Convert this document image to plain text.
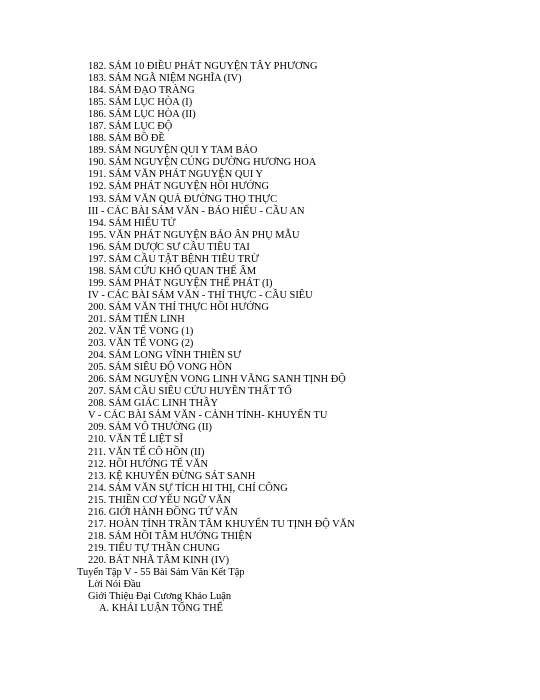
182. SÁM 10 ĐIỀU PHÁT NGUYỆN TÂY PHƯƠNG
183. SÁM NGÃ NIỆM NGHĨA (IV)
184. SÁM ĐẠO TRÀNG
185. SÁM LỤC HÒA (I)
186. SÁM LỤC HÒA (II)
187. SÁM LỤC ĐỘ
188. SÁM BỒ ĐỀ
189. SÁM NGUYỆN QUI Y TAM BẢO
190. SÁM NGUYỆN CÚNG DƯỜNG HƯƠNG HOA
191. SÁM VĂN PHÁT NGUYỆN QUI Y
192. SÁM PHÁT NGUYỆN HỒI HƯỚNG
193. SÁM VĂN QUẢ ĐƯỜNG THỌ THỰC
III - CÁC BÀI SÁM VĂN - BÁO HIẾU - CẦU AN
194. SÁM HIẾU TỬ
195. VĂN PHÁT NGUYỆN BÁO ÂN PHỤ MẪU
196. SÁM DƯỢC SƯ CẦU TIÊU TAI
197. SÁM CẦU TẬT BỆNH TIÊU TRỪ
198. SÁM CỨU KHỔ QUAN THẾ ÂM
199. SÁM PHÁT NGUYỆN THẾ PHÁT (I)
IV - CÁC BÀI SÁM VĂN - THÍ THỰC - CẦU SIÊU
200. SÁM VĂN THÍ THỰC HỒI HƯỚNG
201. SÁM TIẾN LINH
202. VĂN TẾ VONG (1)
203. VĂN TẾ VONG (2)
204. SÁM LONG VĨNH THIỀN SƯ
205. SÁM SIÊU ĐỘ VONG HỒN
206. SÁM NGUYỆN VONG LINH VÃNG SANH TỊNH ĐỘ
207. SÁM CẦU SIÊU CỬU HUYỀN THẤT TỔ
208. SÁM GIÁC LINH THẦY
V - CÁC BÀI SÁM VĂN - CẢNH TỈNH- KHUYẾN TU
209. SÁM VÔ THƯỜNG (II)
210. VĂN TẾ LIỆT SĨ
211. VĂN TẾ CÔ HỒN (II)
212. HỒI HƯỚNG TẾ VĂN
213. KỆ KHUYẾN ĐỪNG SÁT SANH
214. SÁM VĂN SỰ TÍCH HI THỊ, CHÍ CÔNG
215. THIỀN CƠ YẾU NGỮ VĂN
216. GIỚI HÀNH ĐỒNG TỬ VĂN
217. HOÀN TỈNH TRẦN TÂM KHUYẾN TU TỊNH ĐỘ VĂN
218. SÁM HỒI TÂM HƯỚNG THIỆN
219. TIỂU TỰ THẦN CHUNG
220. BÁT NHÃ TÂM KINH (IV)
Tuyển Tập V - 55 Bài Sám Văn Kết Tập
Lời Nói Đầu
Giới Thiệu Đại Cương Khảo Luận
A. KHÁI LUẬN TỔNG THỂ
